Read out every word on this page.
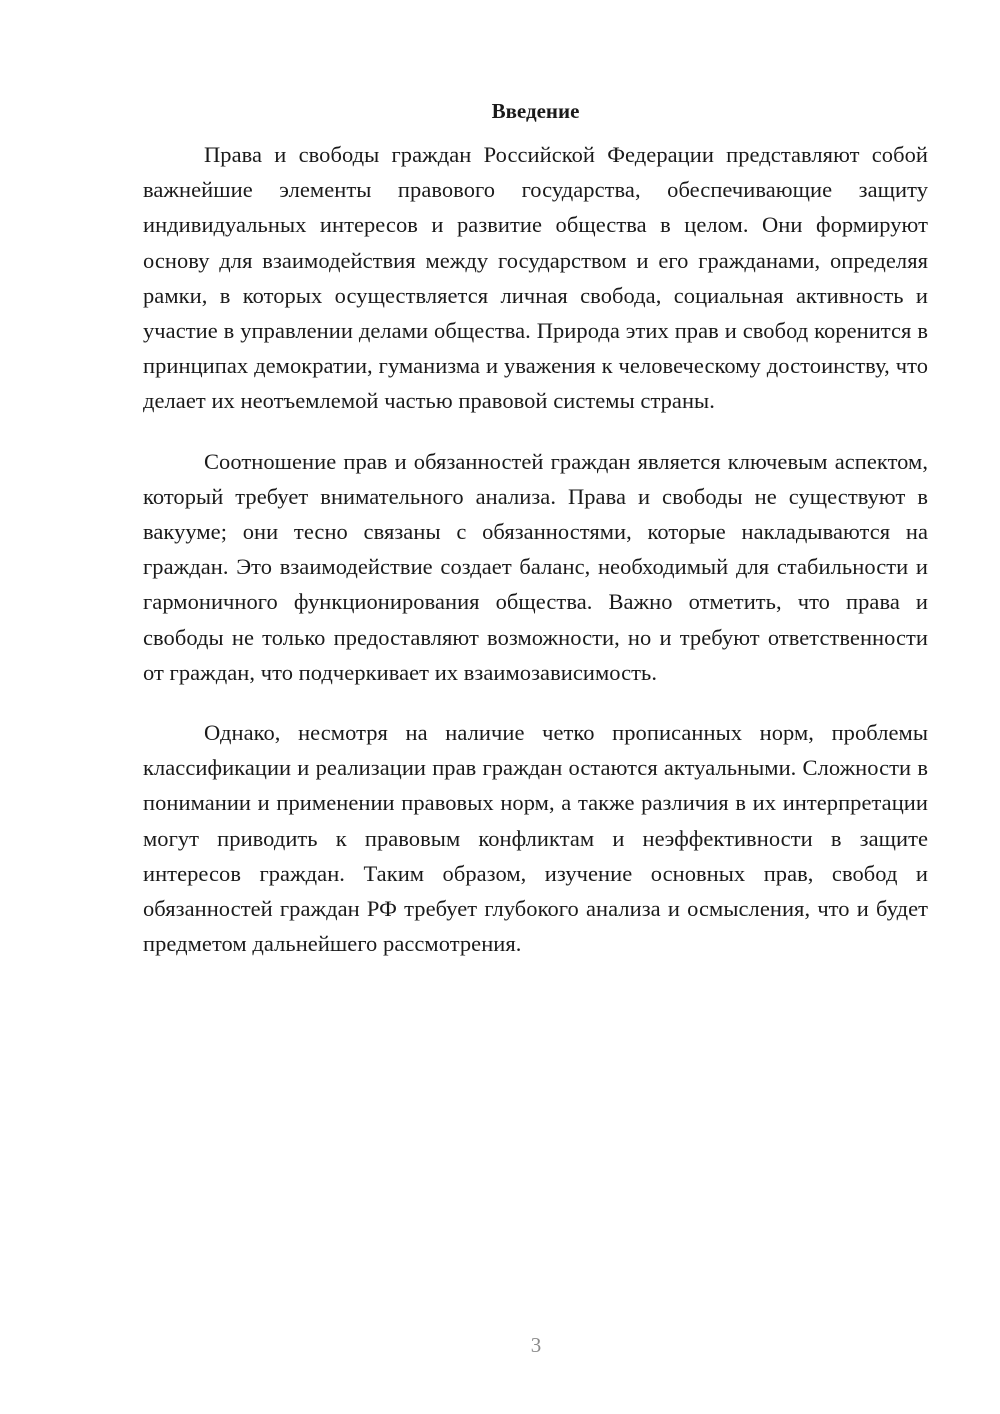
Введение

Права и свободы граждан Российской Федерации представляют собой важнейшие элементы правового государства, обеспечивающие защиту индивидуальных интересов и развитие общества в целом. Они формируют основу для взаимодействия между государством и его гражданами, определяя рамки, в которых осуществляется личная свобода, социальная активность и участие в управлении делами общества. Природа этих прав и свобод коренится в принципах демократии, гуманизма и уважения к человеческому достоинству, что делает их неотъемлемой частью правовой системы страны.

Соотношение прав и обязанностей граждан является ключевым аспектом, который требует внимательного анализа. Права и свободы не существуют в вакууме; они тесно связаны с обязанностями, которые накладываются на граждан. Это взаимодействие создает баланс, необходимый для стабильности и гармоничного функционирования общества. Важно отметить, что права и свободы не только предоставляют возможности, но и требуют ответственности от граждан, что подчеркивает их взаимозависимость.

Однако, несмотря на наличие четко прописанных норм, проблемы классификации и реализации прав граждан остаются актуальными. Сложности в понимании и применении правовых норм, а также различия в их интерпретации могут приводить к правовым конфликтам и неэффективности в защите интересов граждан. Таким образом, изучение основных прав, свобод и обязанностей граждан РФ требует глубокого анализа и осмысления, что и будет предметом дальнейшего рассмотрения.

3
